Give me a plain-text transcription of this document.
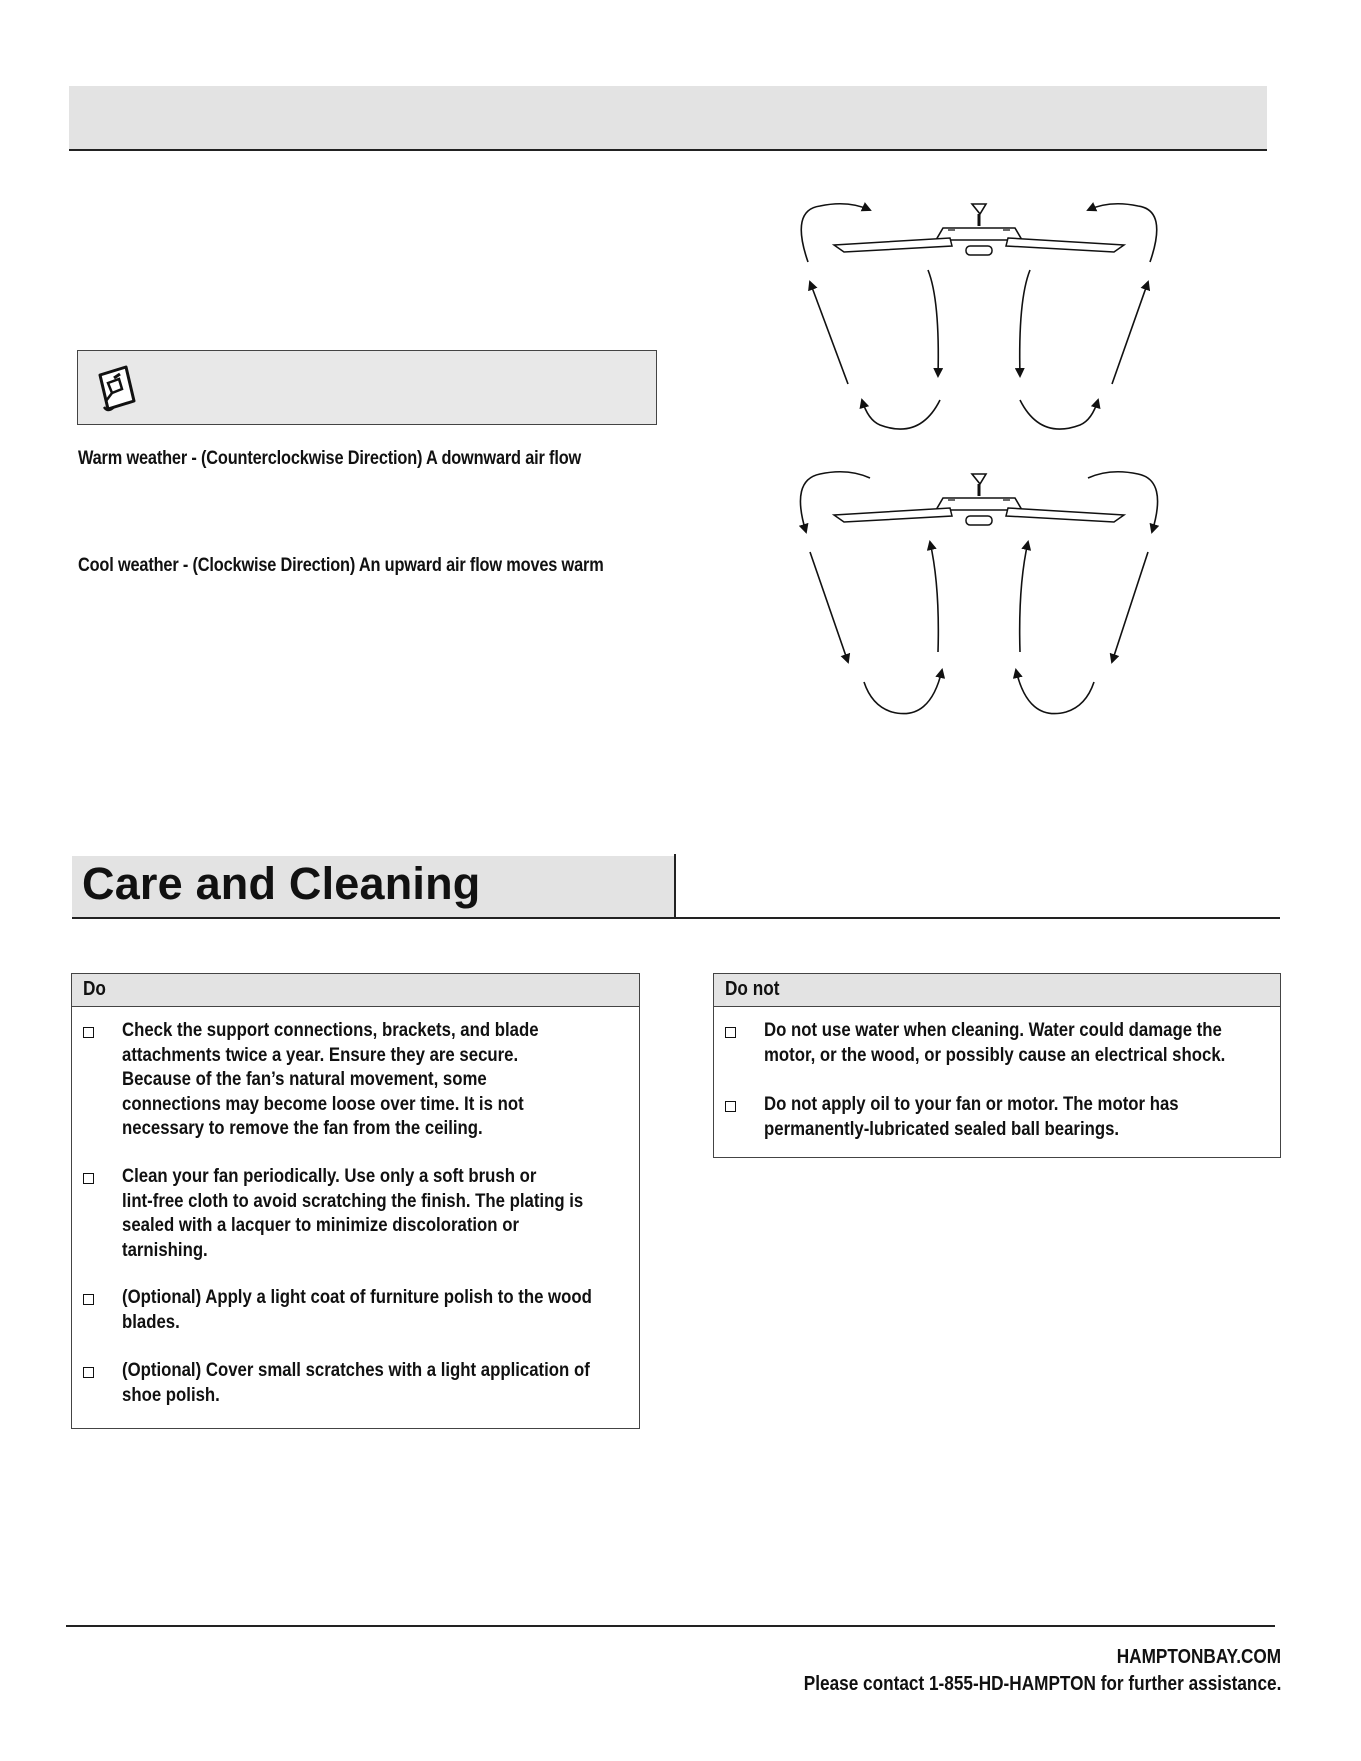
Warm weather - (Counterclockwise Direction) A downward air flow
Cool weather - (Clockwise Direction) An upward air flow moves warm
Care and Cleaning
Do
Check the support connections, brackets, and blade
attachments twice a year. Ensure they are secure.
Because of the fan’s natural movement, some
connections may become loose over time. It is not
necessary to remove the fan from the ceiling.
Clean your fan periodically. Use only a soft brush or
lint-free cloth to avoid scratching the finish. The plating is
sealed with a lacquer to minimize discoloration or
tarnishing.
(Optional) Apply a light coat of furniture polish to the wood
blades.
(Optional) Cover small scratches with a light application of
shoe polish.
Do not
Do not use water when cleaning. Water could damage the
motor, or the wood, or possibly cause an electrical shock.
Do not apply oil to your fan or motor. The motor has
permanently-lubricated sealed ball bearings.
HAMPTONBAY.COM
Please contact 1-855-HD-HAMPTON for further assistance.
